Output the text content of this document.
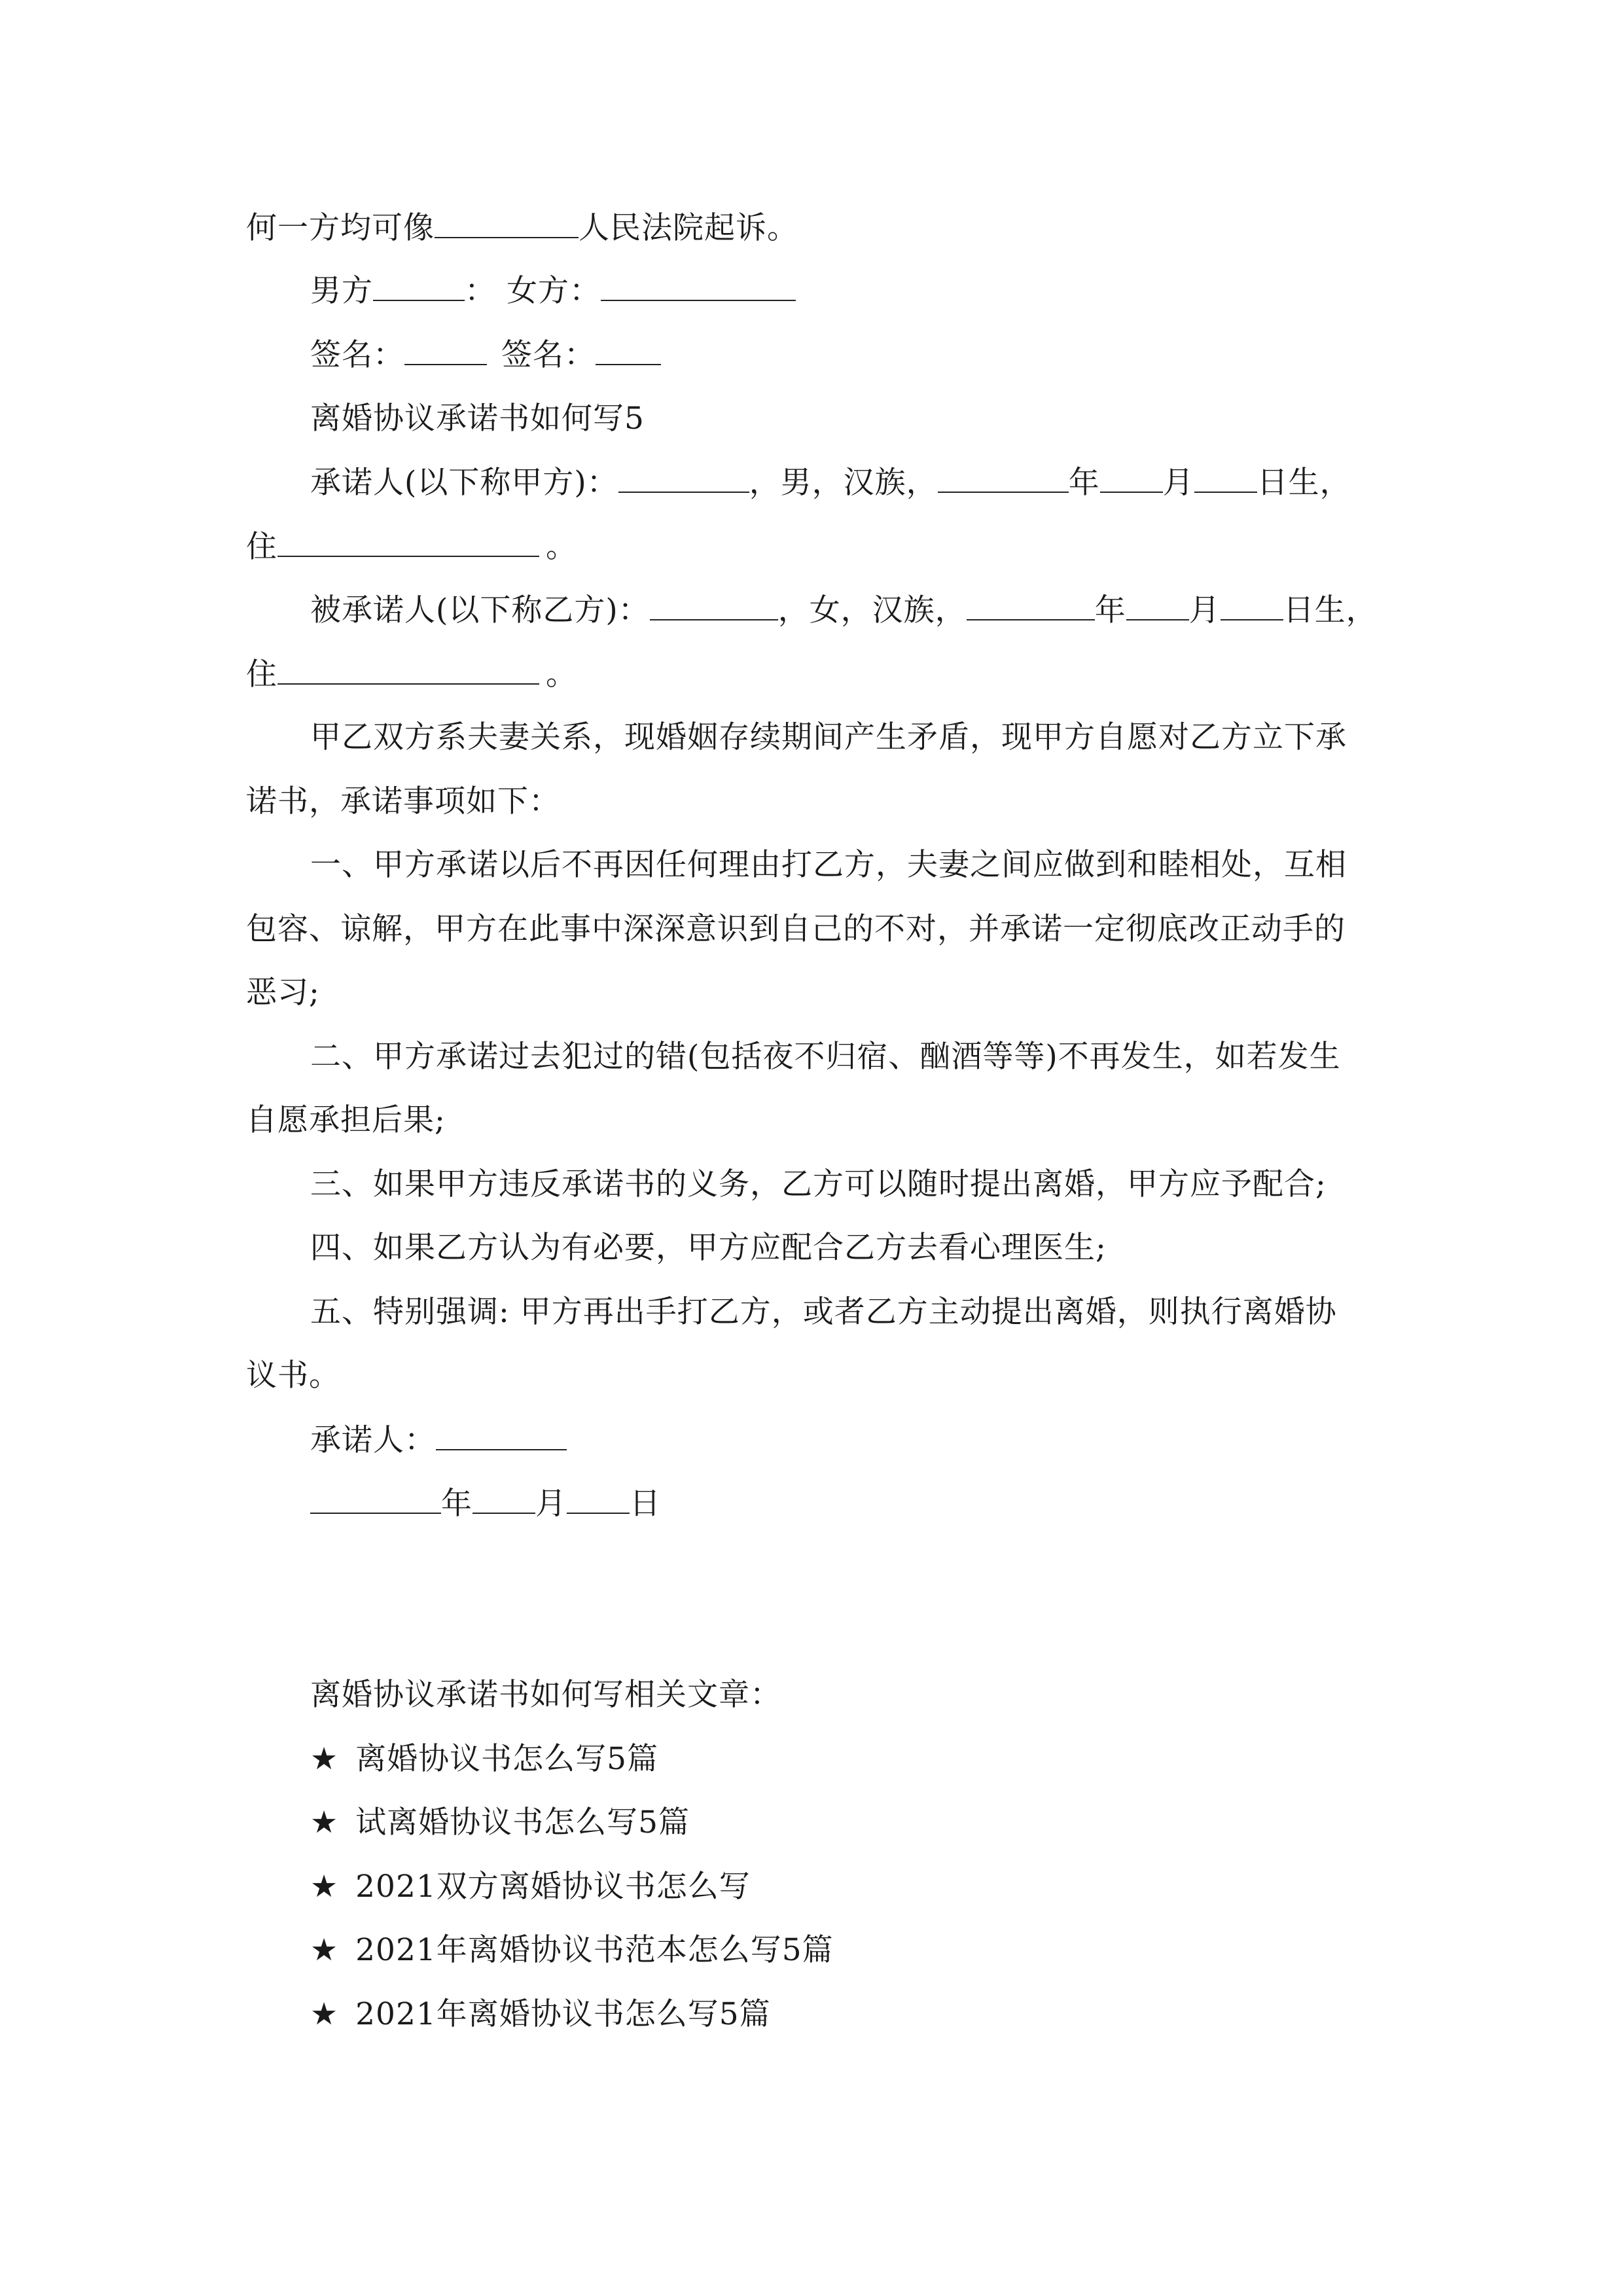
何一方均可像	人民法院起诉。
男方	： 女方：
签名：	签名：
离婚协议承诺书如何写5
承诺人(以下称甲方)：	，男，汉族，	年 月 日生，
住	。
被承诺人(以下称乙方)：	，女，汉族，	年 月 日生，
住	。
甲乙双方系夫妻关系，现婚姻存续期间产生矛盾，现甲方自愿对乙方立下承
诺书，承诺事项如下：
一、甲方承诺以后不再因任何理由打乙方，夫妻之间应做到和睦相处，互相
包容、谅解，甲方在此事中深深意识到自己的不对，并承诺一定彻底改正动手的
恶习;
二、甲方承诺过去犯过的错(包括夜不归宿、酗酒等等)不再发生，如若发生
自愿承担后果;
三、如果甲方违反承诺书的义务，乙方可以随时提出离婚，甲方应予配合;
四、如果乙方认为有必要，甲方应配合乙方去看心理医生;
五、特别强调: 甲方再出手打乙方，或者乙方主动提出离婚，则执行离婚协
议书。
承诺人：
年 月 日
离婚协议承诺书如何写相关文章：
★ 离婚协议书怎么写5篇
★ 试离婚协议书怎么写5篇
★ 2021双方离婚协议书怎么写
★ 2021年离婚协议书范本怎么写5篇
★ 2021年离婚协议书怎么写5篇
